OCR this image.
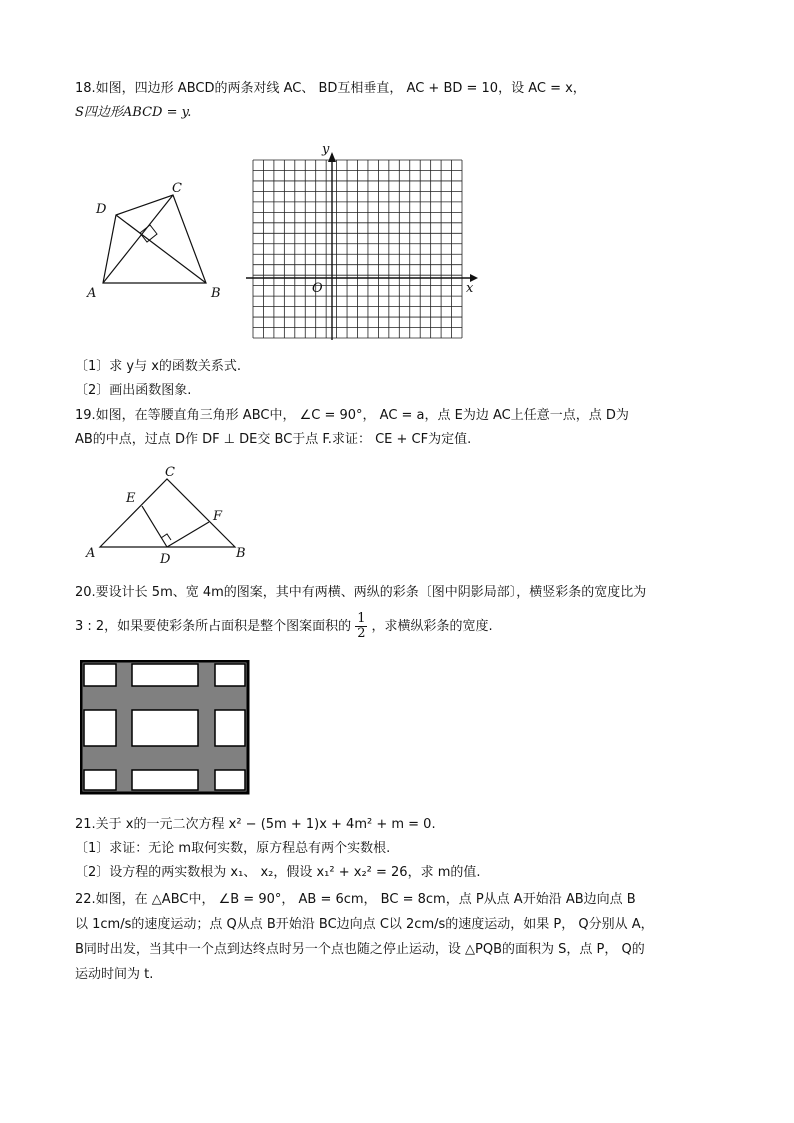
18.如图，四边形 ABCD的两条对线 AC、 BD互相垂直， AC + BD = 10，设 AC = x，
S四边形ABCD = y.
A	B
C
D
x
y
O
〔1〕求 y与 x的函数关系式.
〔2〕画出函数图象.
19.如图，在等腰直角三角形 ABC中， ∠C = 90°， AC = a，点 E为边 AC上任意一点，点 D为
AB的中点，过点 D作 DF ⊥ DE交 BC于点 F.求证： CE + CF为定值.
A	B
C
D
E
F
20.要设计长 5m、宽 4m的图案，其中有两横、两纵的彩条〔图中阴影局部〕，横竖彩条的宽度比为
3 : 2，如果要使彩条所占面积是整个图案面积的 $\frac{1}{2}$ ，求横纵彩条的宽度.
21.关于 x的一元二次方程 x² − (5m + 1)x + 4m² + m = 0.
〔1〕求证：无论 m取何实数，原方程总有两个实数根.
〔2〕设方程的两实数根为 x₁、 x₂，假设 x₁² + x₂² = 26，求 m的值.
22.如图，在 △ABC中， ∠B = 90°， AB = 6cm， BC = 8cm，点 P从点 A开始沿 AB边向点 B
以 1cm/s的速度运动；点 Q从点 B开始沿 BC边向点 C以 2cm/s的速度运动，如果 P， Q分别从 A，
B同时出发，当其中一个点到达终点时另一个点也随之停止运动，设 △PQB的面积为 S，点 P， Q的
运动时间为 t.
